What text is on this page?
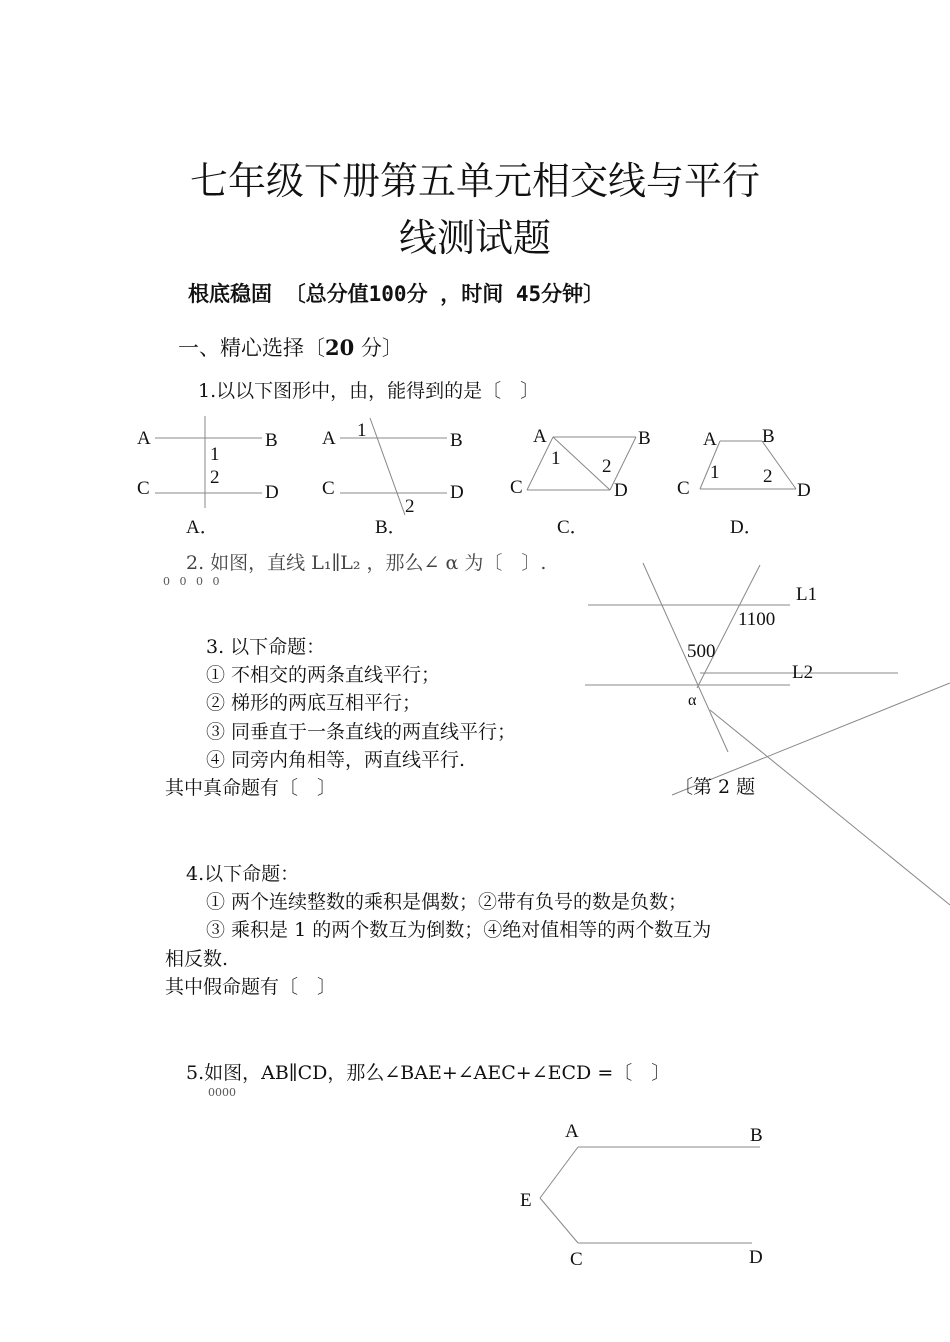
七年级下册第五单元相交线与平行
线测试题
根底稳固 〔总分值100分 ，时间 45分钟〕
一、精心选择〔20 分〕
1.以以下图形中，由，能得到的是〔　〕
A	B
C	D
1
2
A．
A	B
C	D
1
2
B．
A	B
C	D
1 2
C．
A B
C	D
1 2
D．
2. 如图，直线 L₁∥L₂ ，那么∠ α 为〔　〕.
0 0 0 0
L1
1100
500
L2
α
〔第 2 题
3. 以下命题：
① 不相交的两条直线平行；
② 梯形的两底互相平行；
③ 同垂直于一条直线的两直线平行；
④ 同旁内角相等，两直线平行.
其中真命题有〔　〕
4.以下命题：
① 两个连续整数的乘积是偶数；②带有负号的数是负数；
③ 乘积是 1 的两个数互为倒数；④绝对值相等的两个数互为
相反数.
其中假命题有〔　〕
5.如图，AB∥CD，那么∠BAE+∠AEC+∠ECD =〔　〕
0000
A	B
E
C	D
